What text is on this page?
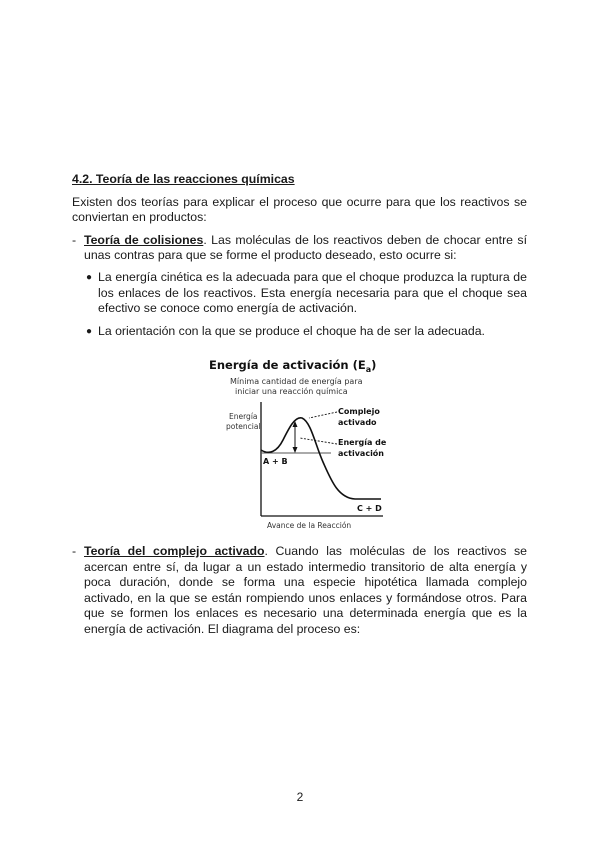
4.2. Teoría de las reacciones químicas

Existen dos teorías para explicar el proceso que ocurre para que los reactivos se conviertan en productos:

- Teoría de colisiones. Las moléculas de los reactivos deben de chocar entre sí unas contras para que se forme el producto deseado, esto ocurre si:
● La energía cinética es la adecuada para que el choque produzca la ruptura de los enlaces de los reactivos. Esta energía necesaria para que el choque sea efectivo se conoce como energía de activación.
● La orientación con la que se produce el choque ha de ser la adecuada.
Energía de activación $(E_a)$
Mínima cantidad de energía para
iniciar una reacción química
Energía
potencial
Complejo
activado
Energía de
activación
A + B
C + D
Avance de la Reacción
- Teoría del complejo activado. Cuando las moléculas de los reactivos se acercan entre sí, da lugar a un estado intermedio transitorio de alta energía y poca duración, donde se forma una especie hipotética llamada complejo activado, en la que se están rompiendo unos enlaces y formándose otros. Para que se formen los enlaces es necesario una determinada energía que es la energía de activación. El diagrama del proceso es:
2
